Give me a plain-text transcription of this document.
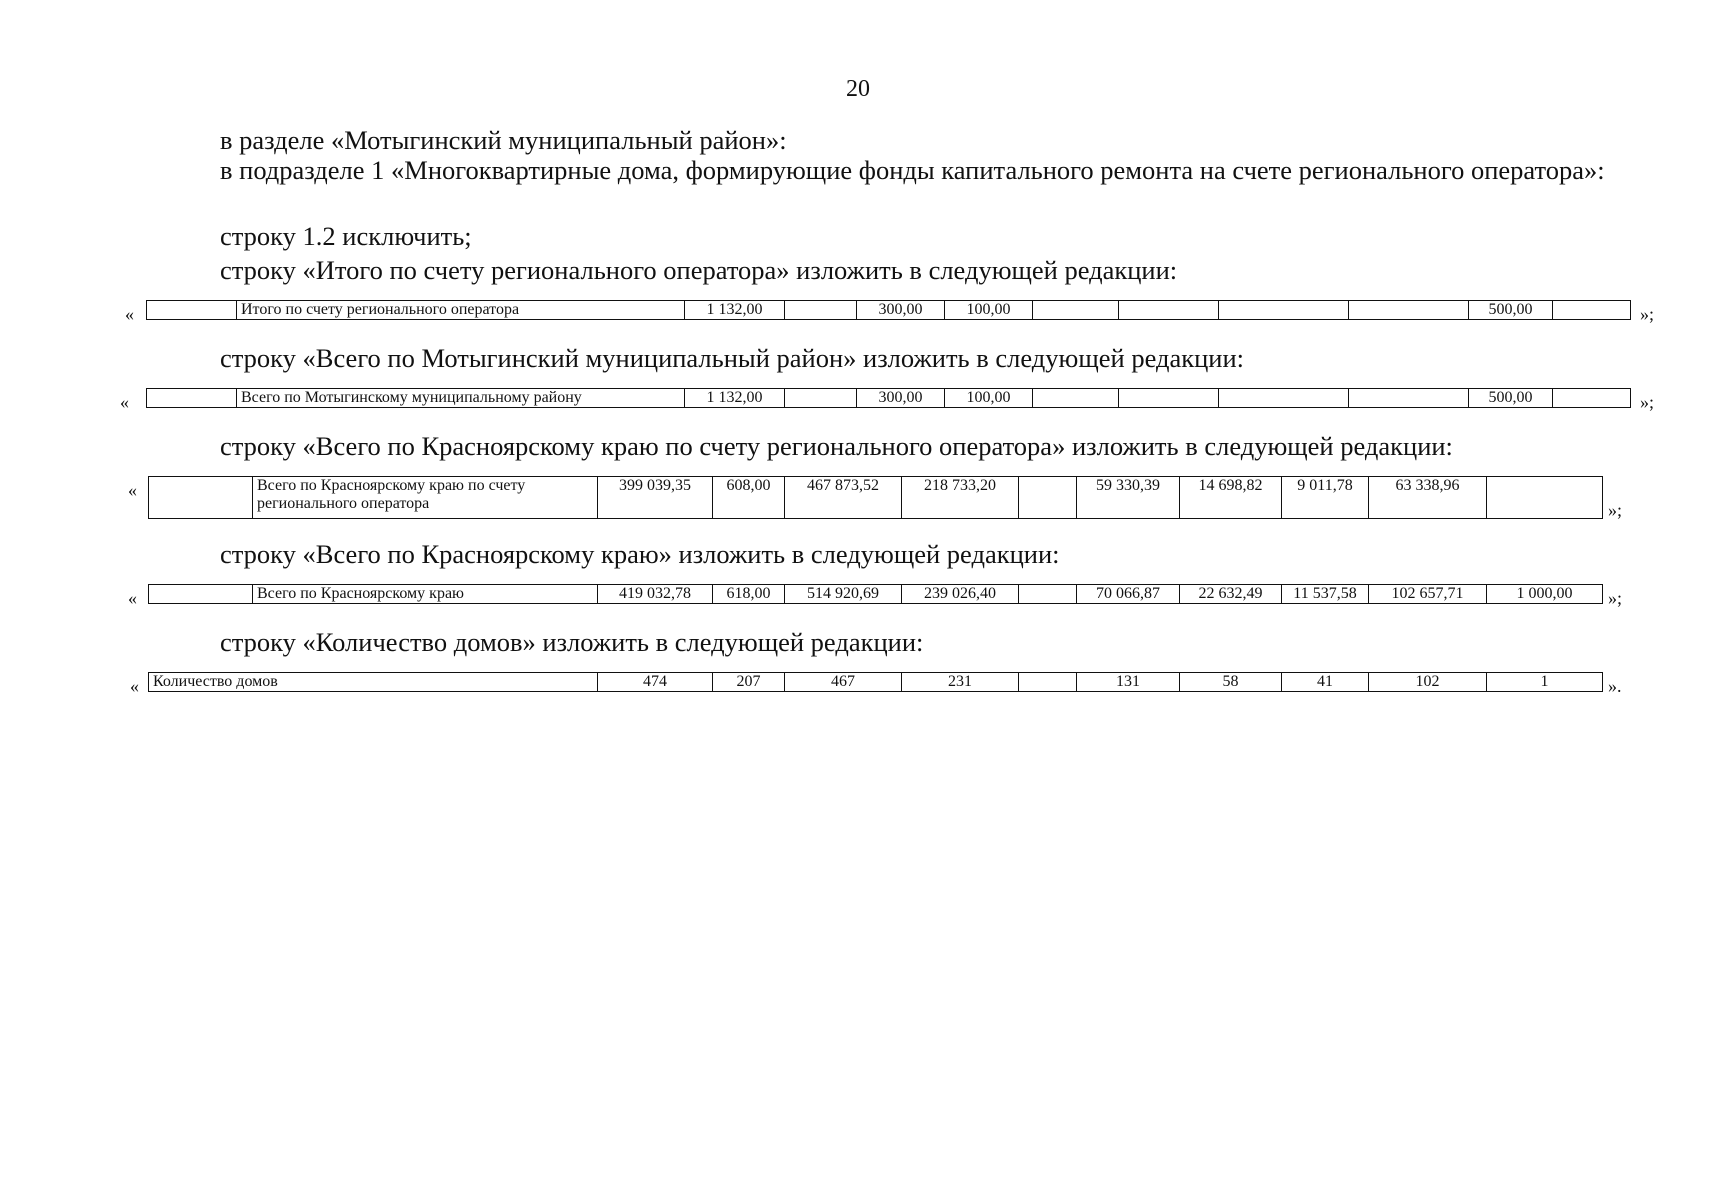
20
в разделе «Мотыгинский муниципальный район»:
в подразделе 1 «Многоквартирные дома, формирующие фонды капитального ремонта на счете регионального оператора»:
строку 1.2 исключить;
строку «Итого по счету регионального оператора» изложить в следующей редакции:
«
		Итого по счету регионального оператора	1 132,00		300,00	100,00					500,00		»;
строку «Всего по Мотыгинский муниципальный район» изложить в следующей редакции:
«
		Всего по Мотыгинскому муниципальному району	1 132,00		300,00	100,00					500,00		»;
строку «Всего по Красноярскому краю по счету регионального оператора» изложить в следующей редакции:
«
		Всего по Красноярскому краю по счету регионального оператора	399 039,35	608,00	467 873,52	218 733,20		59 330,39	14 698,82	9 011,78	63 338,96	
»;
строку «Всего по Красноярскому краю» изложить в следующей редакции:
«
		Всего по Красноярскому краю	419 032,78	618,00	514 920,69	239 026,40		70 066,87	22 632,49	11 537,58	102 657,71	1 000,00 »;
строку «Количество домов» изложить в следующей редакции:
« Количество домов	474	207	467	231		131	58	41	102	1	».
